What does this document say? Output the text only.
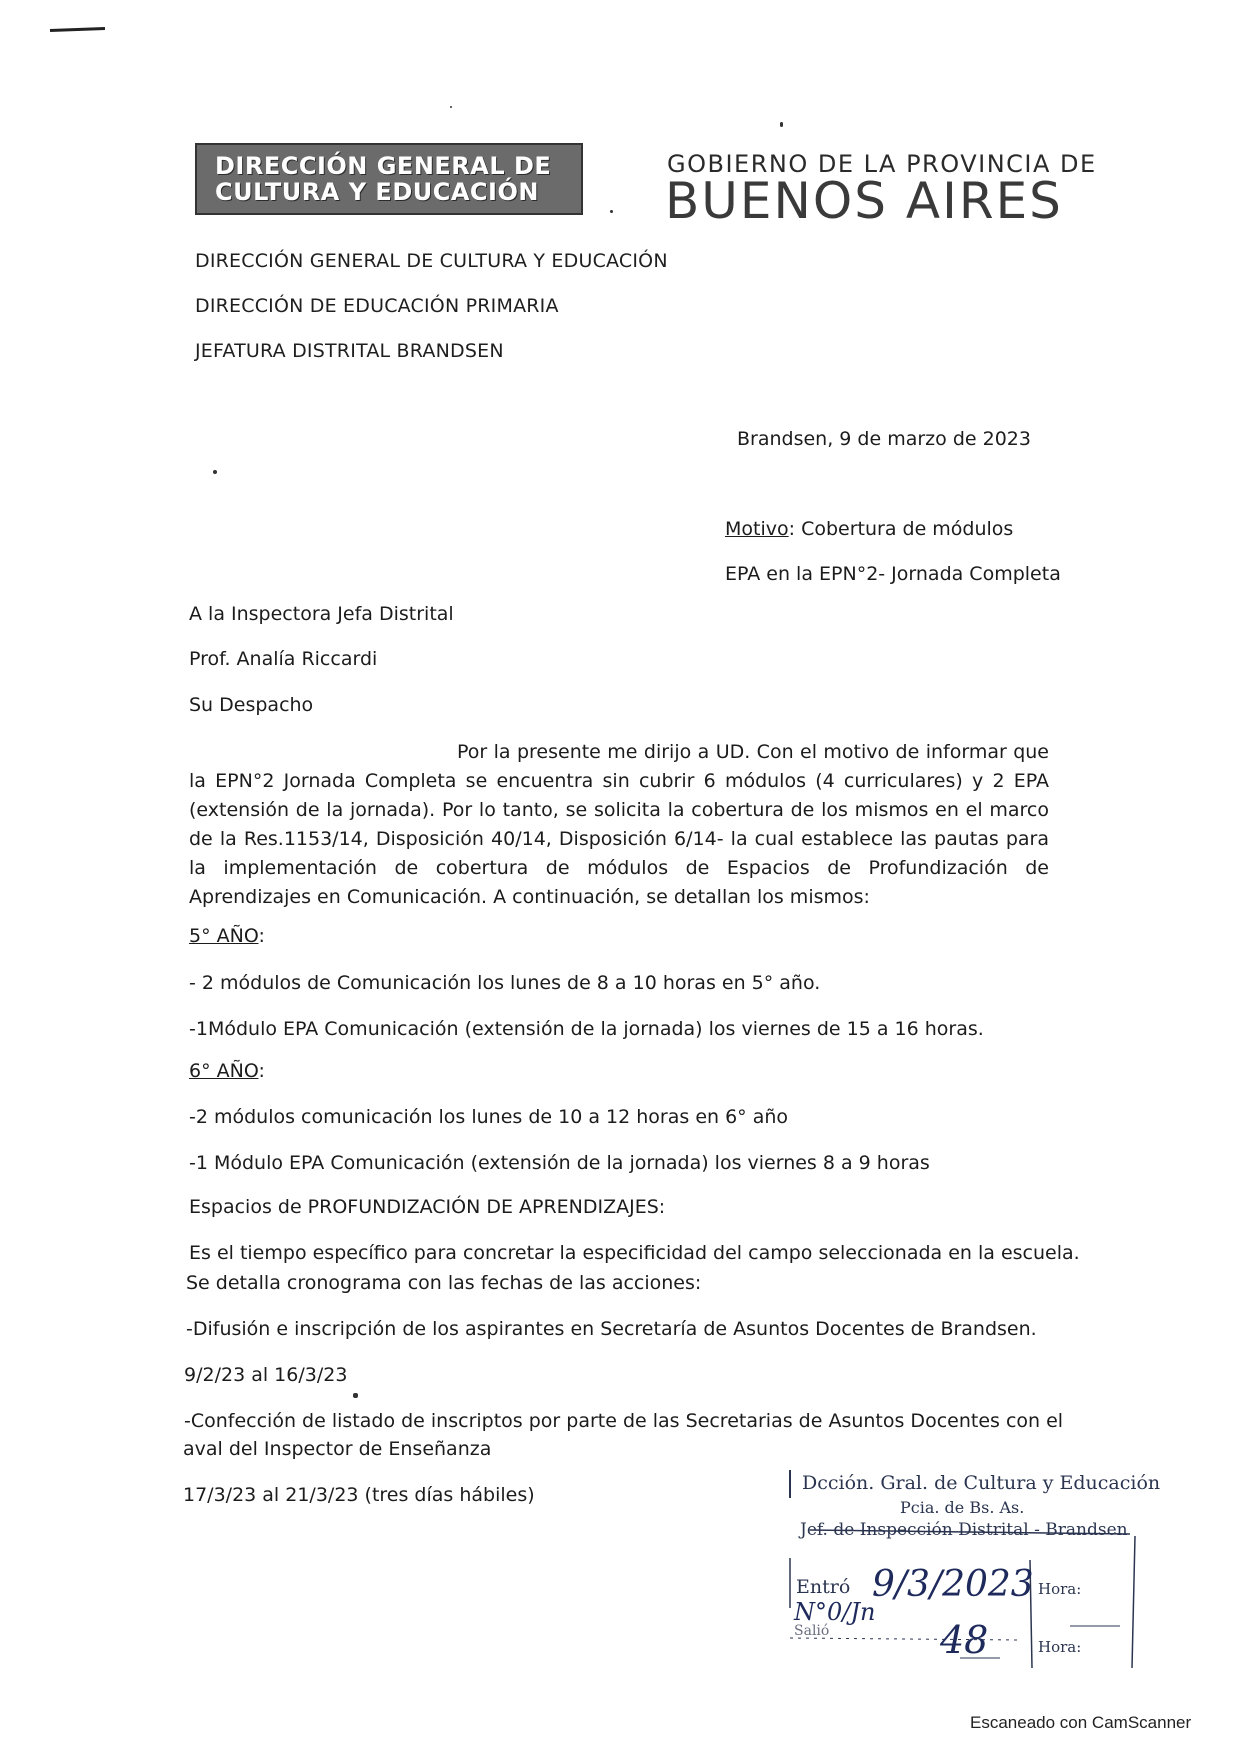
DIRECCIÓN GENERAL DE
CULTURA Y EDUCACIÓN
GOBIERNO DE LA PROVINCIA DE
BUENOS AIRES
DIRECCIÓN GENERAL DE CULTURA Y EDUCACIÓN
DIRECCIÓN DE EDUCACIÓN PRIMARIA
JEFATURA DISTRITAL BRANDSEN
Brandsen, 9 de marzo de 2023
Motivo: Cobertura de módulos
EPA en la EPN°2- Jornada Completa
A la Inspectora Jefa Distrital
Prof. Analía Riccardi
Su Despacho
Por la presente me dirijo a UD. Con el motivo de informar que la EPN°2 Jornada Completa se encuentra sin cubrir 6 módulos (4 curriculares) y 2 EPA (extensión de la jornada). Por lo tanto, se solicita la cobertura de los mismos en el marco de la Res.1153/14, Disposición 40/14, Disposición 6/14- la cual establece las pautas para la implementación de cobertura de módulos de Espacios de Profundización de Aprendizajes en Comunicación. A continuación, se detallan los mismos:
5° AÑO:
- 2 módulos de Comunicación los lunes de 8 a 10 horas en 5° año.
-1Módulo EPA Comunicación (extensión de la jornada) los viernes de 15 a 16 horas.
6° AÑO:
-2 módulos comunicación los lunes de 10 a 12 horas en 6° año
-1 Módulo EPA Comunicación (extensión de la jornada) los viernes 8 a 9 horas
Espacios de PROFUNDIZACIÓN DE APRENDIZAJES:
Es el tiempo específico para concretar la especificidad del campo seleccionada en la escuela.
Se detalla cronograma con las fechas de las acciones:
-Difusión e inscripción de los aspirantes en Secretaría de Asuntos Docentes de Brandsen.
9/2/23 al 16/3/23
-Confección de listado de inscriptos por parte de las Secretarias de Asuntos Docentes con el
aval del Inspector de Enseñanza
17/3/23 al 21/3/23 (tres días hábiles)
Dcción. Gral. de Cultura y Educación
Pcia. de Bs. As.
Jef. de Inspección Distrital - Brandsen
Entró 9/3/2023 Hora:
N°0/Jn
Salió	48	Hora:
Escaneado con CamScanner
